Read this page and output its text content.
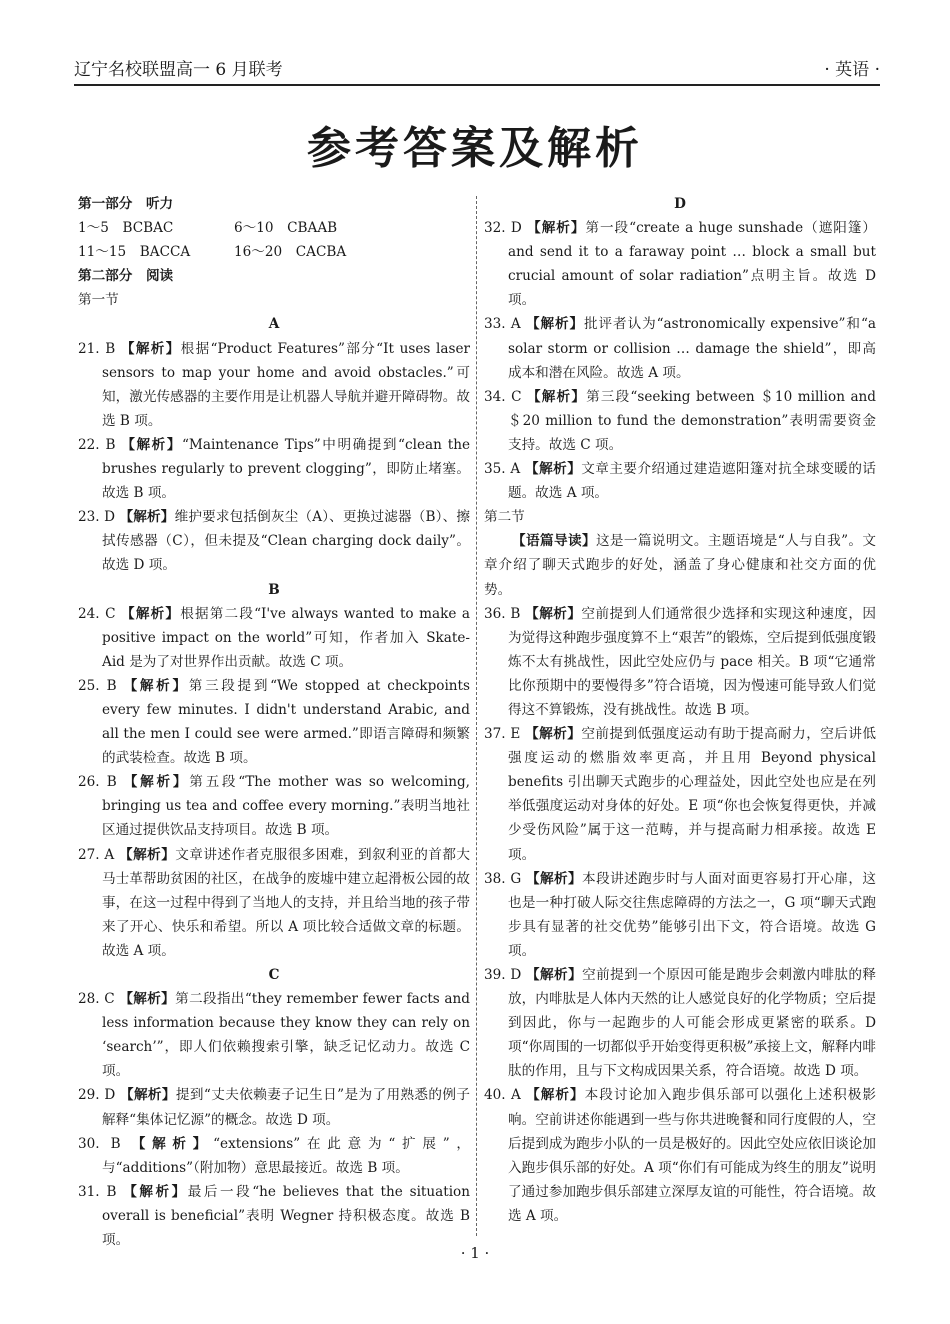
辽宁名校联盟高一 6 月联考	· 英语 ·
参考答案及解析
第一部分　听力
1～5　BCBAC	6～10　CBAAB
11～15　BACCA	16～20　CACBA
第二部分　阅读
第一节
A
21. B 【解析】根据“Product Features”部分“It uses laser sensors to map your home and avoid obstacles.”可知，激光传感器的主要作用是让机器人导航并避开障碍物。故选 B 项。
22. B 【解析】“Maintenance Tips”中明确提到“clean the brushes regularly to prevent clogging”，即防止堵塞。故选 B 项。
23. D 【解析】维护要求包括倒灰尘（A）、更换过滤器（B）、擦拭传感器（C），但未提及“Clean charging dock daily”。故选 D 项。
B
24. C 【解析】根据第二段“I've always wanted to make a positive impact on the world”可知，作者加入 Skate-Aid 是为了对世界作出贡献。故选 C 项。
25. B 【解析】第三段提到“We stopped at checkpoints every few minutes. I didn't understand Arabic, and all the men I could see were armed.”即语言障碍和频繁的武装检查。故选 B 项。
26. B 【解析】第五段“The mother was so welcoming, bringing us tea and coffee every morning.”表明当地社区通过提供饮品支持项目。故选 B 项。
27. A 【解析】文章讲述作者克服很多困难，到叙利亚的首都大马士革帮助贫困的社区，在战争的废墟中建立起滑板公园的故事，在这一过程中得到了当地人的支持，并且给当地的孩子带来了开心、快乐和希望。所以 A 项比较合适做文章的标题。故选 A 项。
C
28. C 【解析】第二段指出“they remember fewer facts and less information because they know they can rely on ‘search’”，即人们依赖搜索引擎，缺乏记忆动力。故选 C 项。
29. D 【解析】提到“丈夫依赖妻子记生日”是为了用熟悉的例子解释“集体记忆源”的概念。故选 D 项。
30. B 【解析】“extensions”在此意为“扩展”，与“additions”（附加物）意思最接近。故选 B 项。
31. B 【解析】最后一段“he believes that the situation overall is beneficial”表明 Wegner 持积极态度。故选 B 项。
D
32. D 【解析】第一段“create a huge sunshade（遮阳篷）and send it to a faraway point … block a small but crucial amount of solar radiation”点明主旨。故选 D 项。
33. A 【解析】批评者认为“astronomically expensive”和“a solar storm or collision … damage the shield”，即高成本和潜在风险。故选 A 项。
34. C 【解析】第三段“seeking between ＄10 million and ＄20 million to fund the demonstration”表明需要资金支持。故选 C 项。
35. A 【解析】文章主要介绍通过建造遮阳篷对抗全球变暖的话题。故选 A 项。
第二节
【语篇导读】这是一篇说明文。主题语境是“人与自我”。文章介绍了聊天式跑步的好处，涵盖了身心健康和社交方面的优势。
36. B 【解析】空前提到人们通常很少选择和实现这种速度，因为觉得这种跑步强度算不上“艰苦”的锻炼，空后提到低强度锻炼不太有挑战性，因此空处应仍与 pace 相关。B 项“它通常比你预期中的要慢得多”符合语境，因为慢速可能导致人们觉得这不算锻炼，没有挑战性。故选 B 项。
37. E 【解析】空前提到低强度运动有助于提高耐力，空后讲低强度运动的燃脂效率更高，并且用 Beyond physical benefits 引出聊天式跑步的心理益处，因此空处也应是在列举低强度运动对身体的好处。E 项“你也会恢复得更快，并减少受伤风险”属于这一范畴，并与提高耐力相承接。故选 E 项。
38. G 【解析】本段讲述跑步时与人面对面更容易打开心扉，这也是一种打破人际交往焦虑障碍的方法之一，G 项“聊天式跑步具有显著的社交优势”能够引出下文，符合语境。故选 G 项。
39. D 【解析】空前提到一个原因可能是跑步会刺激内啡肽的释放，内啡肽是人体内天然的让人感觉良好的化学物质；空后提到因此，你与一起跑步的人可能会形成更紧密的联系。D 项“你周围的一切都似乎开始变得更积极”承接上文，解释内啡肽的作用，且与下文构成因果关系，符合语境。故选 D 项。
40. A 【解析】本段讨论加入跑步俱乐部可以强化上述积极影响。空前讲述你能遇到一些与你共进晚餐和同行度假的人，空后提到成为跑步小队的一员是极好的。因此空处应依旧谈论加入跑步俱乐部的好处。A 项“你们有可能成为终生的朋友”说明了通过参加跑步俱乐部建立深厚友谊的可能性，符合语境。故选 A 项。
· 1 ·
